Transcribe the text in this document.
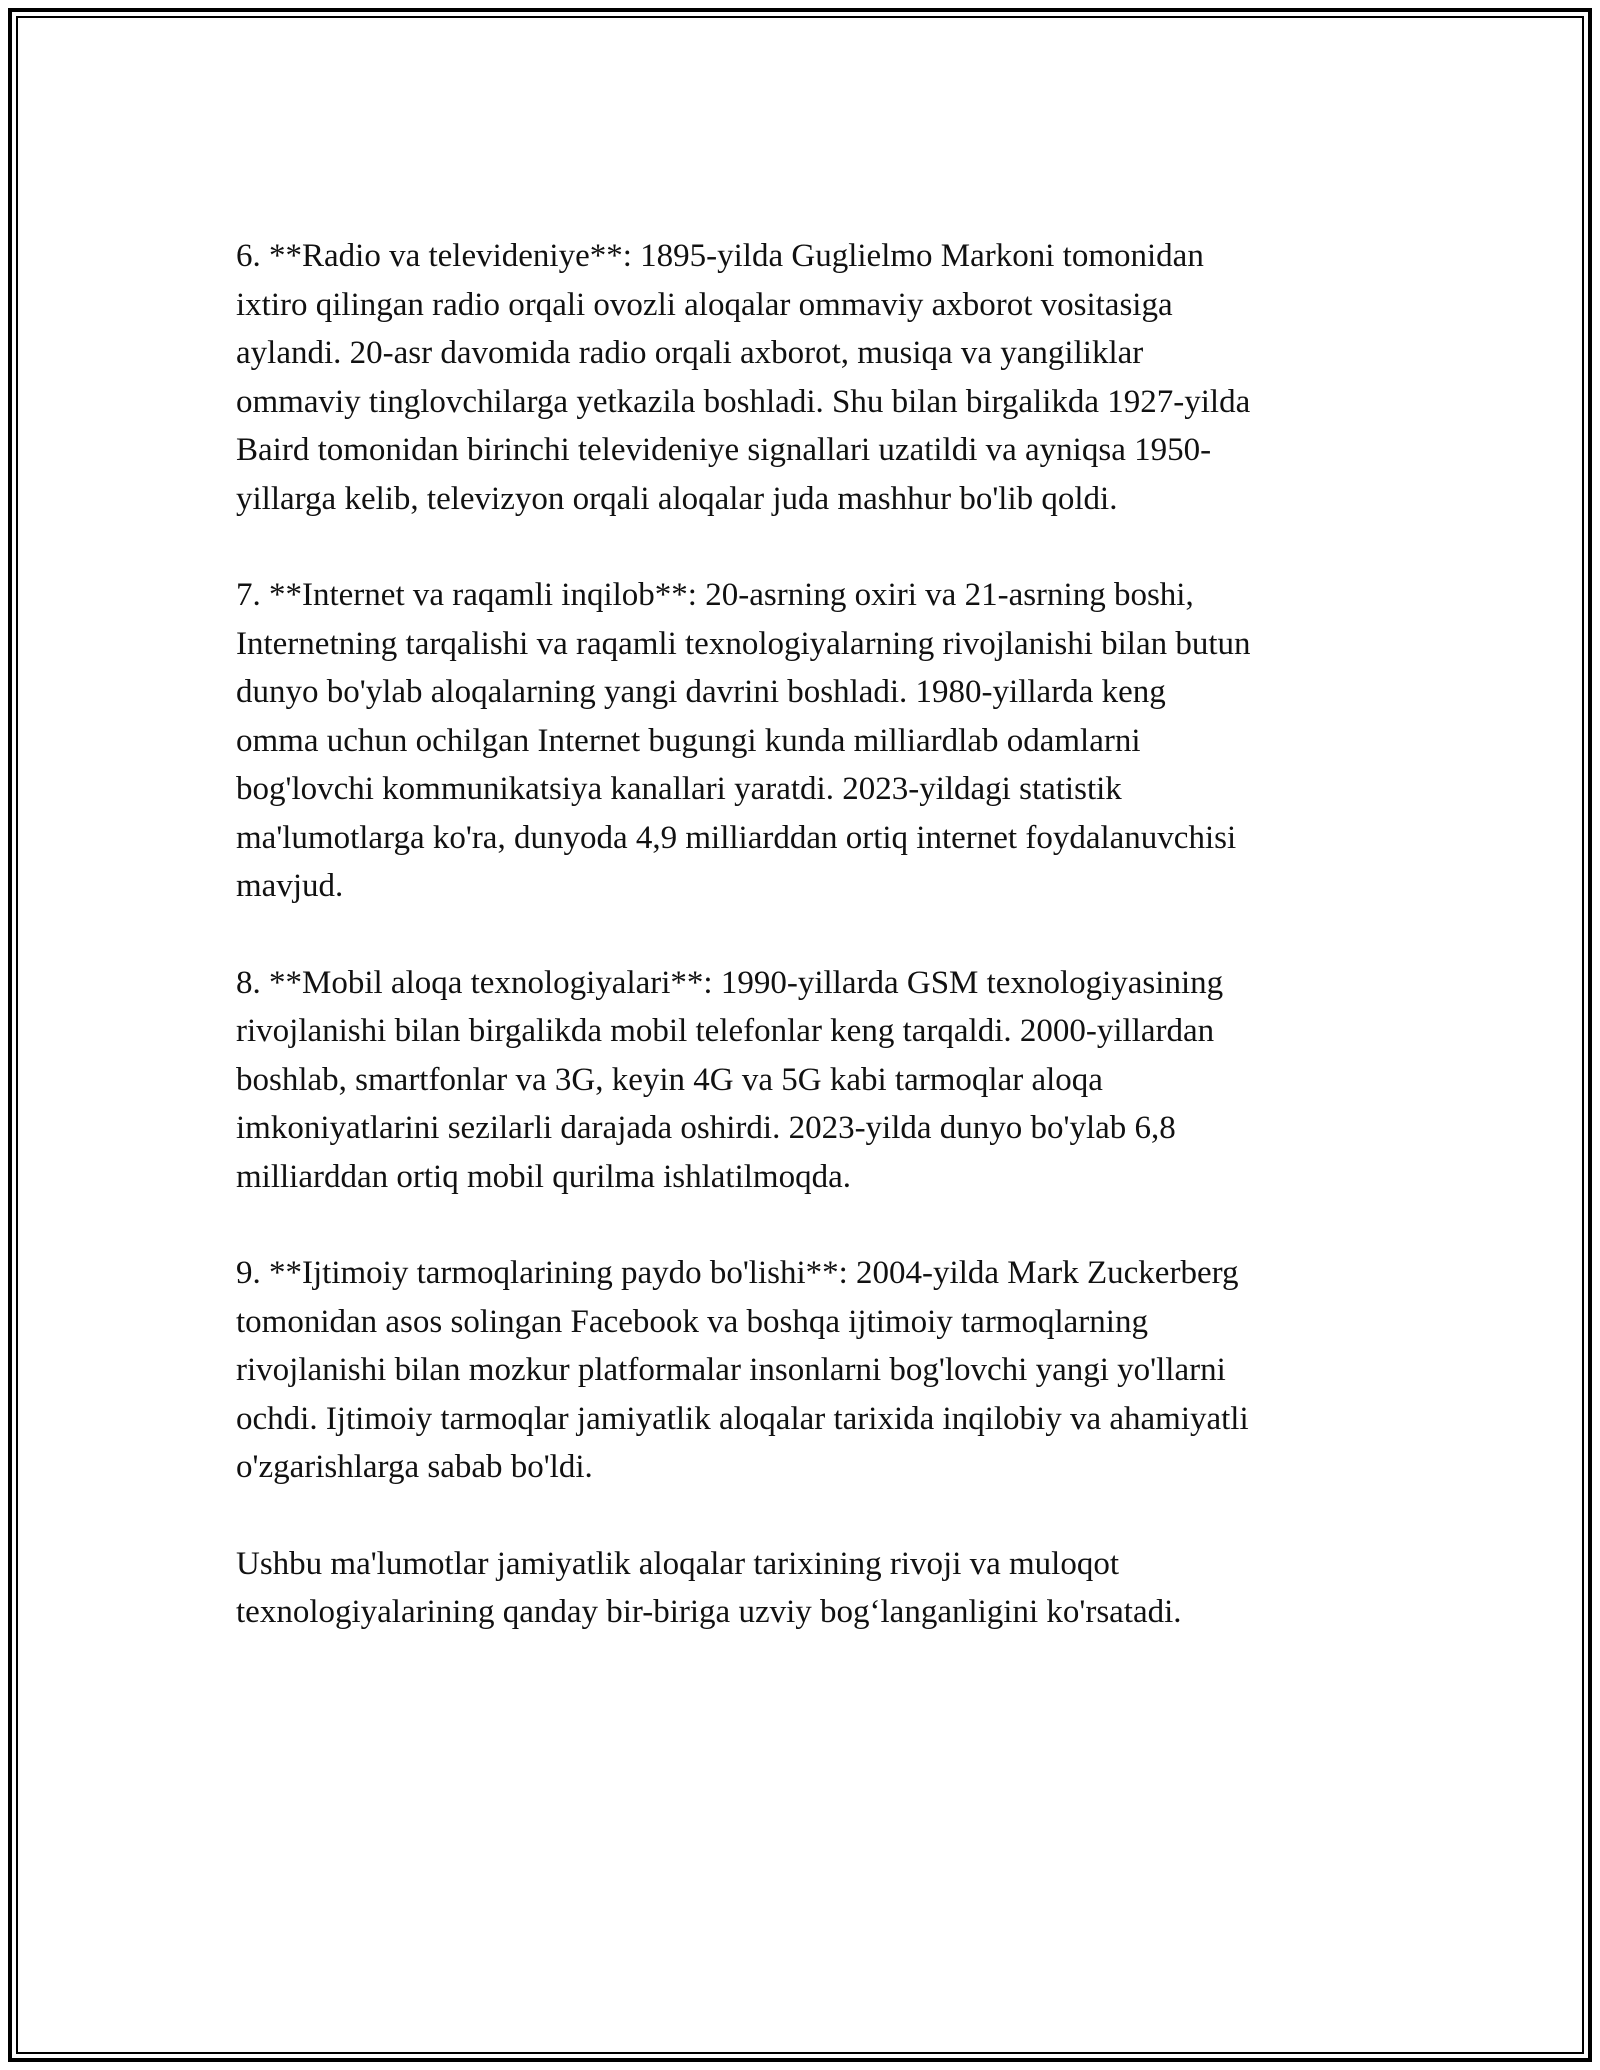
6. **Radio va televideniye**: 1895-yilda Guglielmo Markoni tomonidan
ixtiro qilingan radio orqali ovozli aloqalar ommaviy axborot vositasiga
aylandi. 20-asr davomida radio orqali axborot, musiqa va yangiliklar
ommaviy tinglovchilarga yetkazila boshladi. Shu bilan birgalikda 1927-yilda
Baird tomonidan birinchi televideniye signallari uzatildi va ayniqsa 1950-
yillarga kelib, televizyon orqali aloqalar juda mashhur bo'lib qoldi.

7. **Internet va raqamli inqilob**: 20-asrning oxiri va 21-asrning boshi,
Internetning tarqalishi va raqamli texnologiyalarning rivojlanishi bilan butun
dunyo bo'ylab aloqalarning yangi davrini boshladi. 1980-yillarda keng
omma uchun ochilgan Internet bugungi kunda milliardlab odamlarni
bog'lovchi kommunikatsiya kanallari yaratdi. 2023-yildagi statistik
ma'lumotlarga ko'ra, dunyoda 4,9 milliarddan ortiq internet foydalanuvchisi
mavjud.

8. **Mobil aloqa texnologiyalari**: 1990-yillarda GSM texnologiyasining
rivojlanishi bilan birgalikda mobil telefonlar keng tarqaldi. 2000-yillardan
boshlab, smartfonlar va 3G, keyin 4G va 5G kabi tarmoqlar aloqa
imkoniyatlarini sezilarli darajada oshirdi. 2023-yilda dunyo bo'ylab 6,8
milliarddan ortiq mobil qurilma ishlatilmoqda.

9. **Ijtimoiy tarmoqlarining paydo bo'lishi**: 2004-yilda Mark Zuckerberg
tomonidan asos solingan Facebook va boshqa ijtimoiy tarmoqlarning
rivojlanishi bilan mozkur platformalar insonlarni bog'lovchi yangi yo'llarni
ochdi. Ijtimoiy tarmoqlar jamiyatlik aloqalar tarixida inqilobiy va ahamiyatli
o'zgarishlarga sabab bo'ldi.

Ushbu ma'lumotlar jamiyatlik aloqalar tarixining rivoji va muloqot
texnologiyalarining qanday bir-biriga uzviy bog‘langanligini ko'rsatadi.
